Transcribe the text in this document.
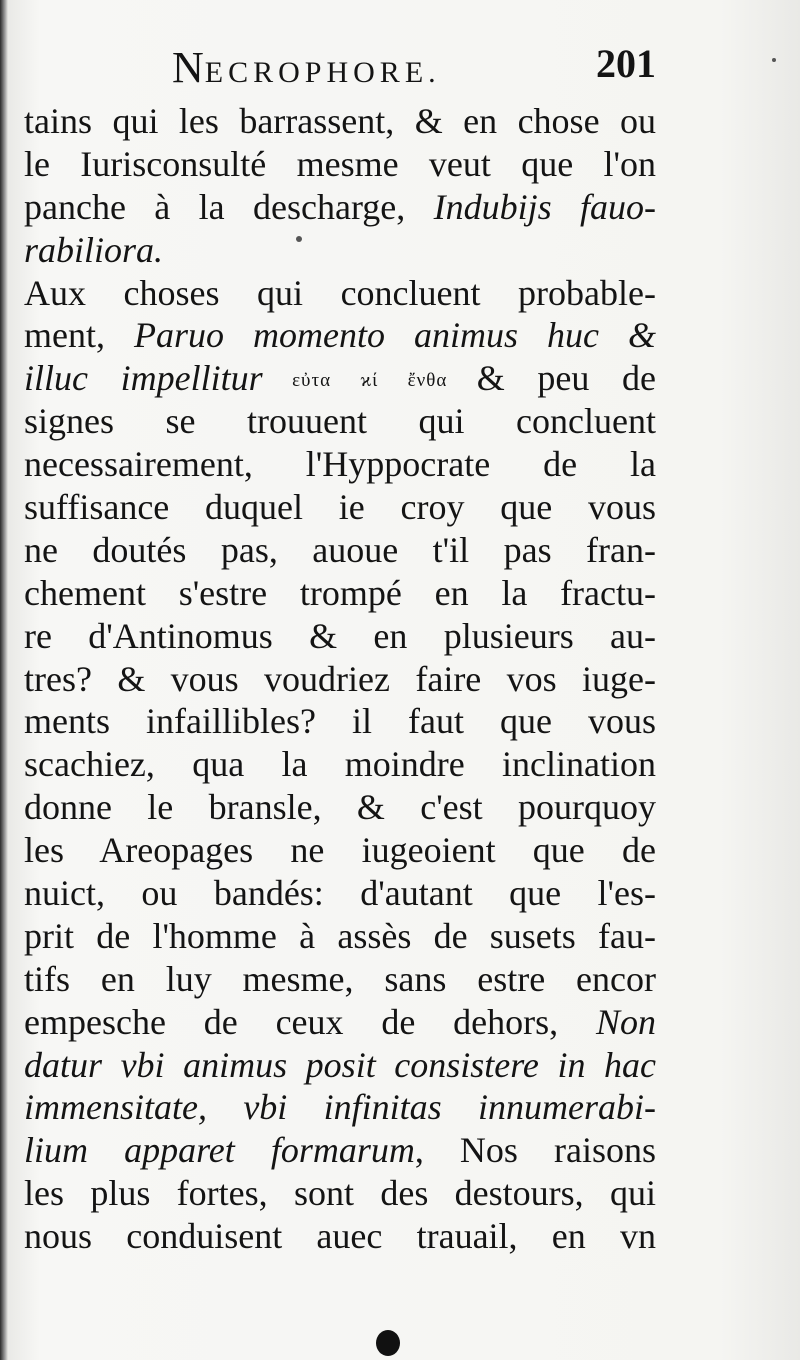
NECROPHORE.	201
tains qui les barrassent, & en chose ou
le Iurisconsulté mesme veut que l'on
panche à la descharge, Indubijs fauo-
rabiliora.
Aux choses qui concluent probable-
ment, Paruo momento animus huc &
illuc impellitur εὐτα ϰί ἔνθα & peu de
signes se trouuent qui concluent
necessairement, l'Hyppocrate de la
suffisance duquel ie croy que vous
ne doutés pas, auoue t'il pas fran-
chement s'estre trompé en la fractu-
re d'Antinomus & en plusieurs au-
tres? & vous voudriez faire vos iuge-
ments infaillibles? il faut que vous
scachiez, qua la moindre inclination
donne le bransle, & c'est pourquoy
les Areopages ne iugeoient que de
nuict, ou bandés: d'autant que l'es-
prit de l'homme à assès de susets fau-
tifs en luy mesme, sans estre encor
empesche de ceux de dehors, Non
datur vbi animus posit consistere in hac
immensitate, vbi infinitas innumerabi-
lium apparet formarum, Nos raisons
les plus fortes, sont des destours, qui
nous conduisent auec trauail, en vn
